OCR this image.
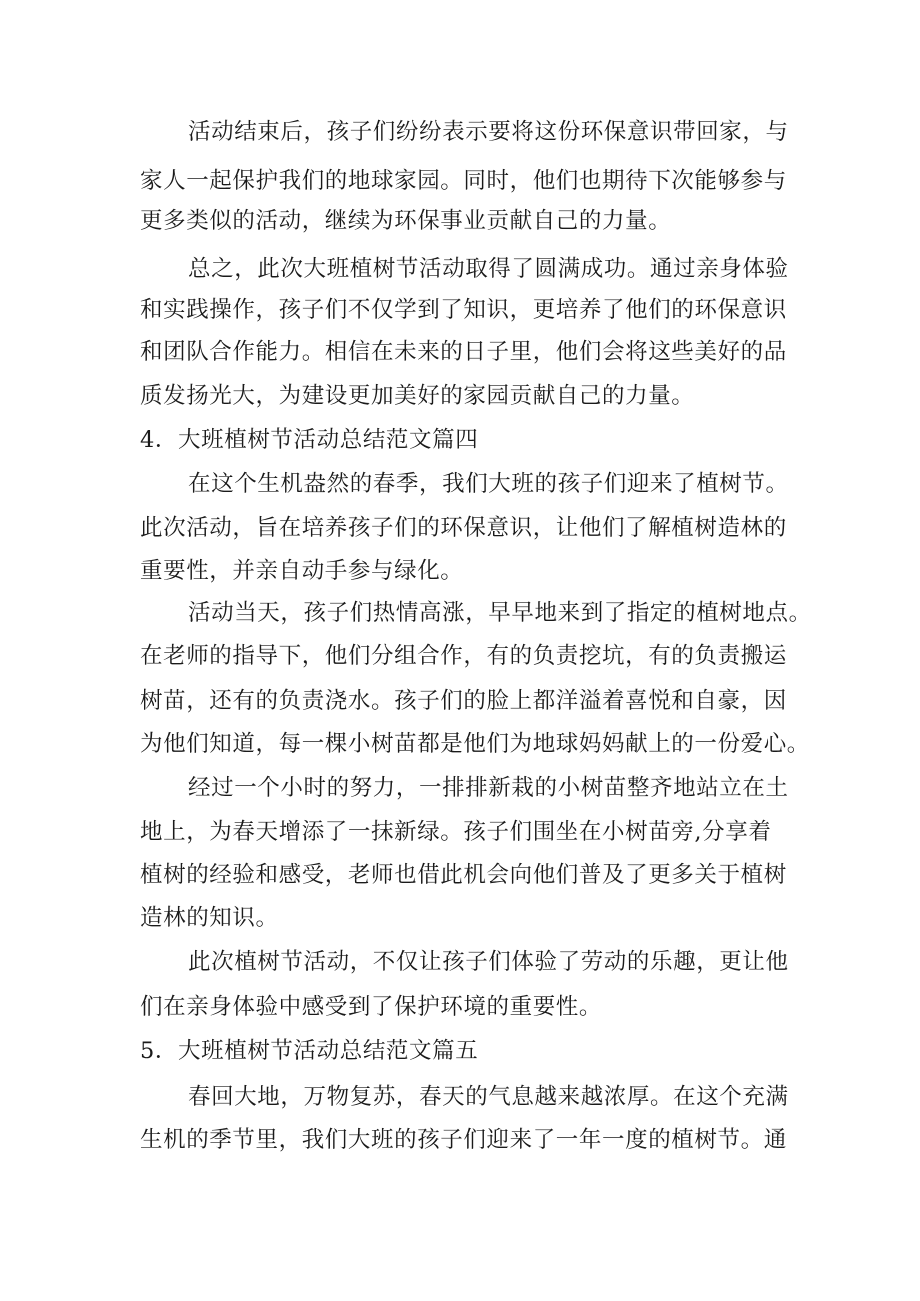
活动结束后，孩子们纷纷表示要将这份环保意识带回家，与
家人一起保护我们的地球家园。同时，他们也期待下次能够参与
更多类似的活动，继续为环保事业贡献自己的力量。
总之，此次大班植树节活动取得了圆满成功。通过亲身体验
和实践操作，孩子们不仅学到了知识，更培养了他们的环保意识
和团队合作能力。相信在未来的日子里，他们会将这些美好的品
质发扬光大，为建设更加美好的家园贡献自己的力量。
4．大班植树节活动总结范文篇四
在这个生机盎然的春季，我们大班的孩子们迎来了植树节。
此次活动，旨在培养孩子们的环保意识，让他们了解植树造林的
重要性，并亲自动手参与绿化。
活动当天，孩子们热情高涨，早早地来到了指定的植树地点。
在老师的指导下，他们分组合作，有的负责挖坑，有的负责搬运
树苗，还有的负责浇水。孩子们的脸上都洋溢着喜悦和自豪，因
为他们知道，每一棵小树苗都是他们为地球妈妈献上的一份爱心。
经过一个小时的努力，一排排新栽的小树苗整齐地站立在土
地上，为春天增添了一抹新绿。孩子们围坐在小树苗旁,分享着
植树的经验和感受，老师也借此机会向他们普及了更多关于植树
造林的知识。
此次植树节活动，不仅让孩子们体验了劳动的乐趣，更让他
们在亲身体验中感受到了保护环境的重要性。
5．大班植树节活动总结范文篇五
春回大地，万物复苏，春天的气息越来越浓厚。在这个充满
生机的季节里，我们大班的孩子们迎来了一年一度的植树节。通
